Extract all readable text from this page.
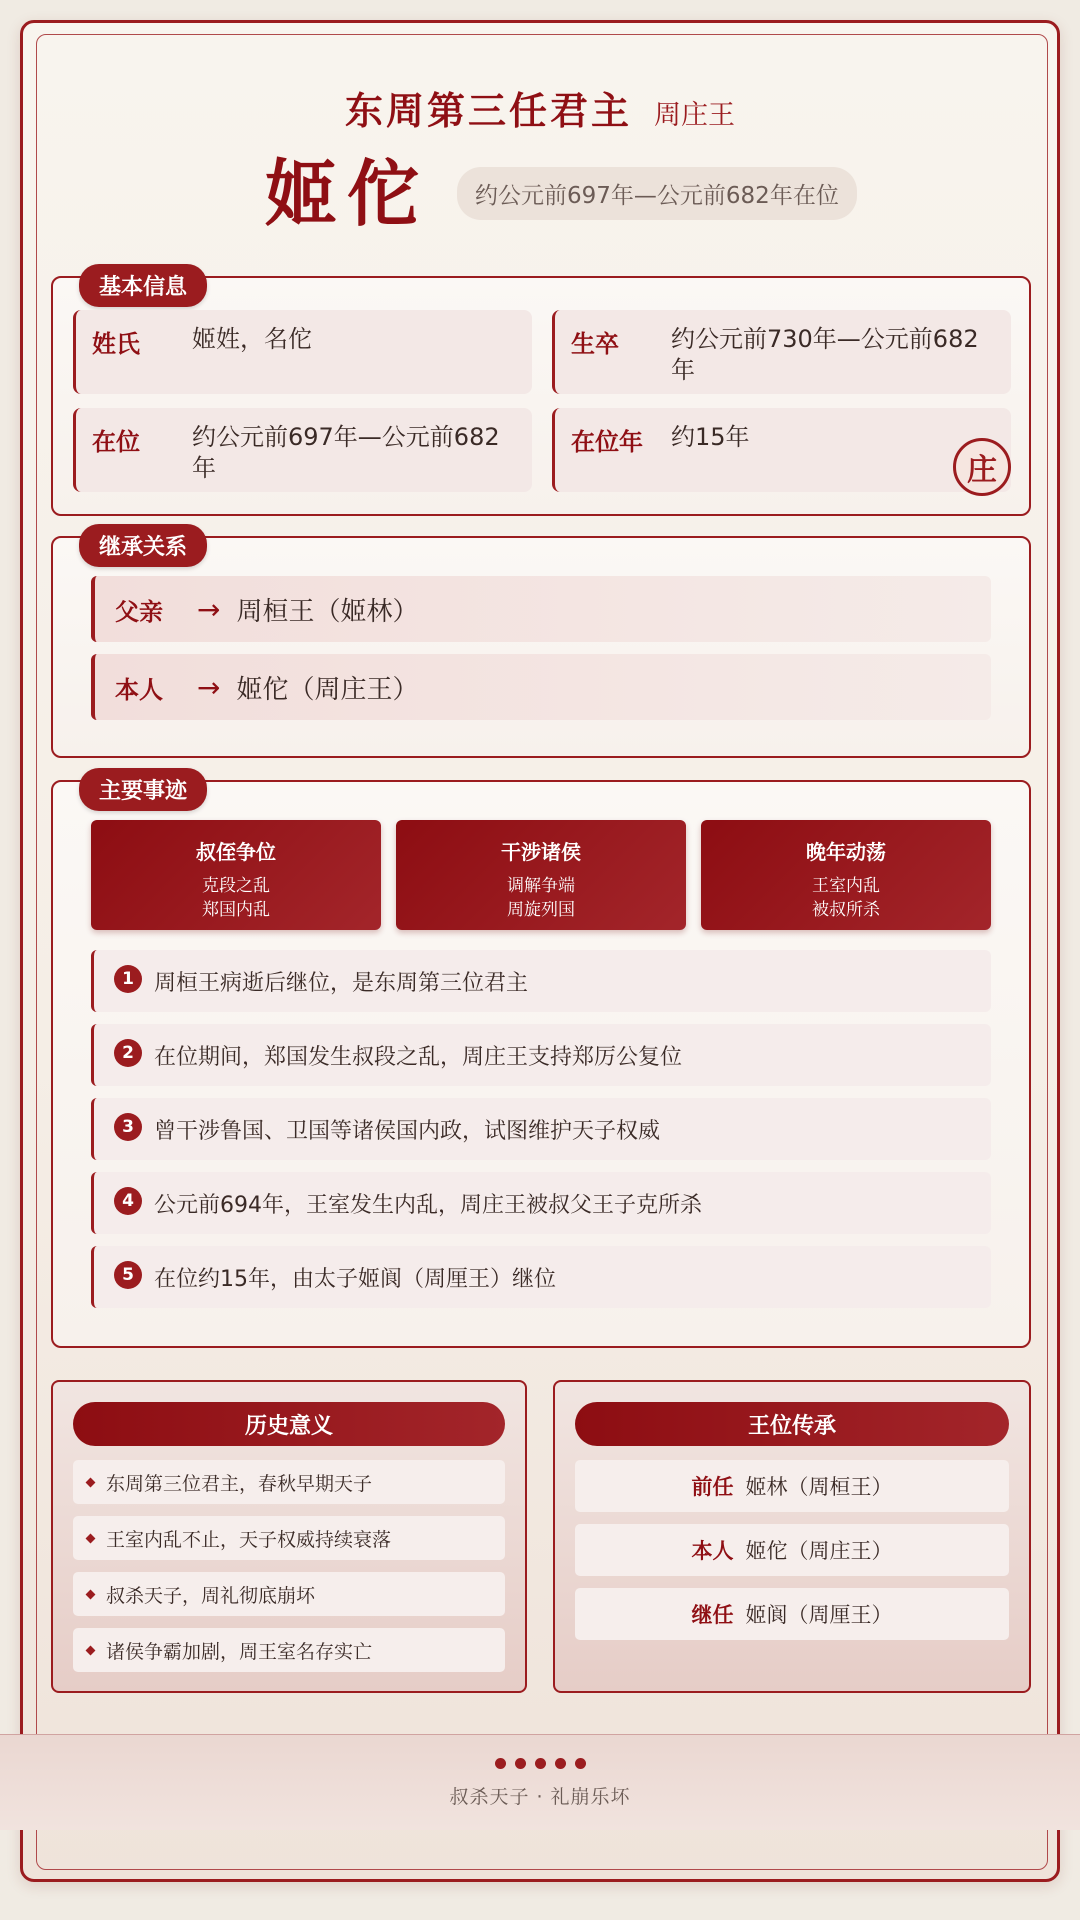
东周第三任君主 周庄王
姬佗	约公元前697年—公元前682年在位
基本信息
姓氏	姬姓，名佗	生卒	约公元前730年—公元前682年
在位	约公元前697年—公元前682年
在位年	约15年
庄
继承关系
父亲	→ 周桓王（姬林）
本人	→ 姬佗（周庄王）
主要事迹
叔侄争位
克段之乱
郑国内乱
干涉诸侯
调解争端
周旋列国
晚年动荡
王室内乱
被叔所杀
1 周桓王病逝后继位，是东周第三位君主
2 在位期间，郑国发生叔段之乱，周庄王支持郑厉公复位
3 曾干涉鲁国、卫国等诸侯国内政，试图维护天子权威
4 公元前694年，王室发生内乱，周庄王被叔父王子克所杀
5 在位约15年，由太子姬阆（周厘王）继位
历史意义
东周第三位君主，春秋早期天子
王室内乱不止，天子权威持续衰落
叔杀天子，周礼彻底崩坏
诸侯争霸加剧，周王室名存实亡
王位传承
前任 姬林（周桓王）
本人 姬佗（周庄王）
继任 姬阆（周厘王）
叔杀天子 · 礼崩乐坏
